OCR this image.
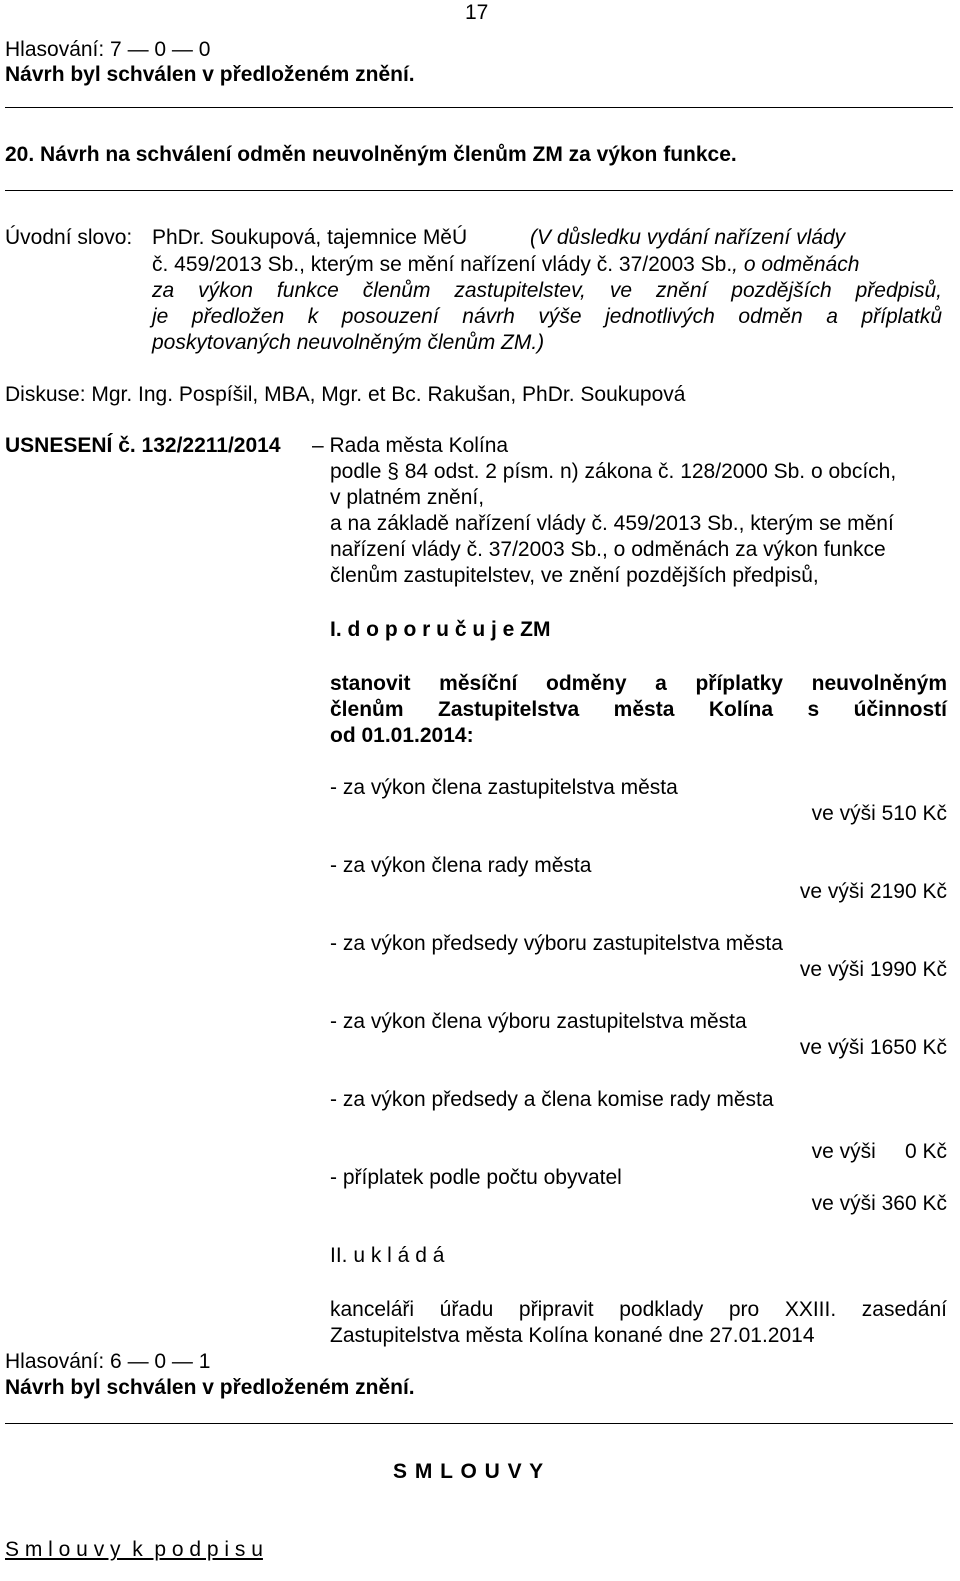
17
Hlasování: 7 — 0 — 0
Návrh byl schválen v předloženém znění.
20. Návrh na schválení odměn neuvolněným členům ZM za výkon funkce.
Úvodní slovo: PhDr. Soukupová, tajemnice MěÚ	(V důsledku vydání nařízení vlády
č. 459/2013 Sb., kterým se mění nařízení vlády č. 37/2003 Sb., o odměnách
za výkon funkce členům zastupitelstev, ve znění pozdějších předpisů,
je předložen k posouzení návrh výše jednotlivých odměn a příplatků
poskytovaných neuvolněným členům ZM.)
Diskuse: Mgr. Ing. Pospíšil, MBA, Mgr. et Bc. Rakušan, PhDr. Soukupová
USNESENÍ č. 132/2211/2014 – Rada města Kolína
podle § 84 odst. 2 písm. n) zákona č. 128/2000 Sb. o obcích,
v platném znění,
a na základě nařízení vlády č. 459/2013 Sb., kterým se mění
nařízení vlády č. 37/2003 Sb., o odměnách za výkon funkce
členům zastupitelstev, ve znění pozdějších předpisů,
I. d o p o r u č u j e ZM
stanovit měsíční odměny a příplatky neuvolněným
členům Zastupitelstva města Kolína s účinností
od 01.01.2014:
- za výkon člena zastupitelstva města
ve výši 510 Kč
- za výkon člena rady města
ve výši 2190 Kč
- za výkon předsedy výboru zastupitelstva města
ve výši 1990 Kč
- za výkon člena výboru zastupitelstva města
ve výši 1650 Kč
- za výkon předsedy a člena komise rady města
ve výši     0 Kč
- příplatek podle počtu obyvatel
ve výši 360 Kč
II. u k l á d á
kanceláři úřadu připravit podklady pro XXIII. zasedání
Zastupitelstva města Kolína konané dne 27.01.2014
Hlasování: 6 — 0 — 1
Návrh byl schválen v předloženém znění.
S M L O U V Y
S m l o u v y  k  p o d p i s u
